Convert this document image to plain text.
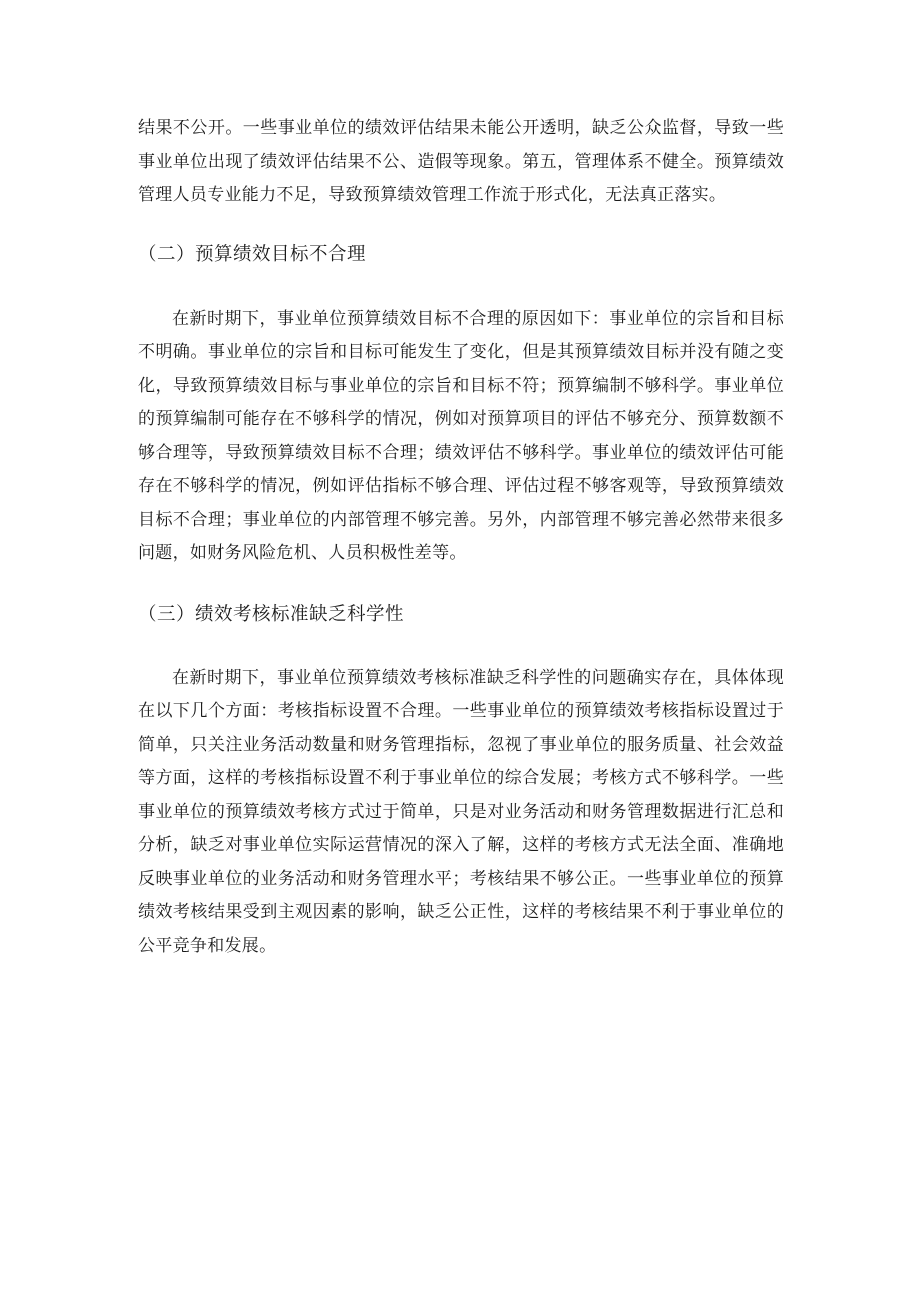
结果不公开。一些事业单位的绩效评估结果未能公开透明，缺乏公众监督，导致一些事业单位出现了绩效评估结果不公、造假等现象。第五，管理体系不健全。预算绩效管理人员专业能力不足，导致预算绩效管理工作流于形式化，无法真正落实。

（二）预算绩效目标不合理

在新时期下，事业单位预算绩效目标不合理的原因如下：事业单位的宗旨和目标不明确。事业单位的宗旨和目标可能发生了变化，但是其预算绩效目标并没有随之变化，导致预算绩效目标与事业单位的宗旨和目标不符；预算编制不够科学。事业单位的预算编制可能存在不够科学的情况，例如对预算项目的评估不够充分、预算数额不够合理等，导致预算绩效目标不合理；绩效评估不够科学。事业单位的绩效评估可能存在不够科学的情况，例如评估指标不够合理、评估过程不够客观等，导致预算绩效目标不合理；事业单位的内部管理不够完善。另外，内部管理不够完善必然带来很多问题，如财务风险危机、人员积极性差等。

（三）绩效考核标准缺乏科学性

在新时期下，事业单位预算绩效考核标准缺乏科学性的问题确实存在，具体体现在以下几个方面：考核指标设置不合理。一些事业单位的预算绩效考核指标设置过于简单，只关注业务活动数量和财务管理指标，忽视了事业单位的服务质量、社会效益等方面，这样的考核指标设置不利于事业单位的综合发展；考核方式不够科学。一些事业单位的预算绩效考核方式过于简单，只是对业务活动和财务管理数据进行汇总和分析，缺乏对事业单位实际运营情况的深入了解，这样的考核方式无法全面、准确地反映事业单位的业务活动和财务管理水平；考核结果不够公正。一些事业单位的预算绩效考核结果受到主观因素的影响，缺乏公正性，这样的考核结果不利于事业单位的公平竞争和发展。
